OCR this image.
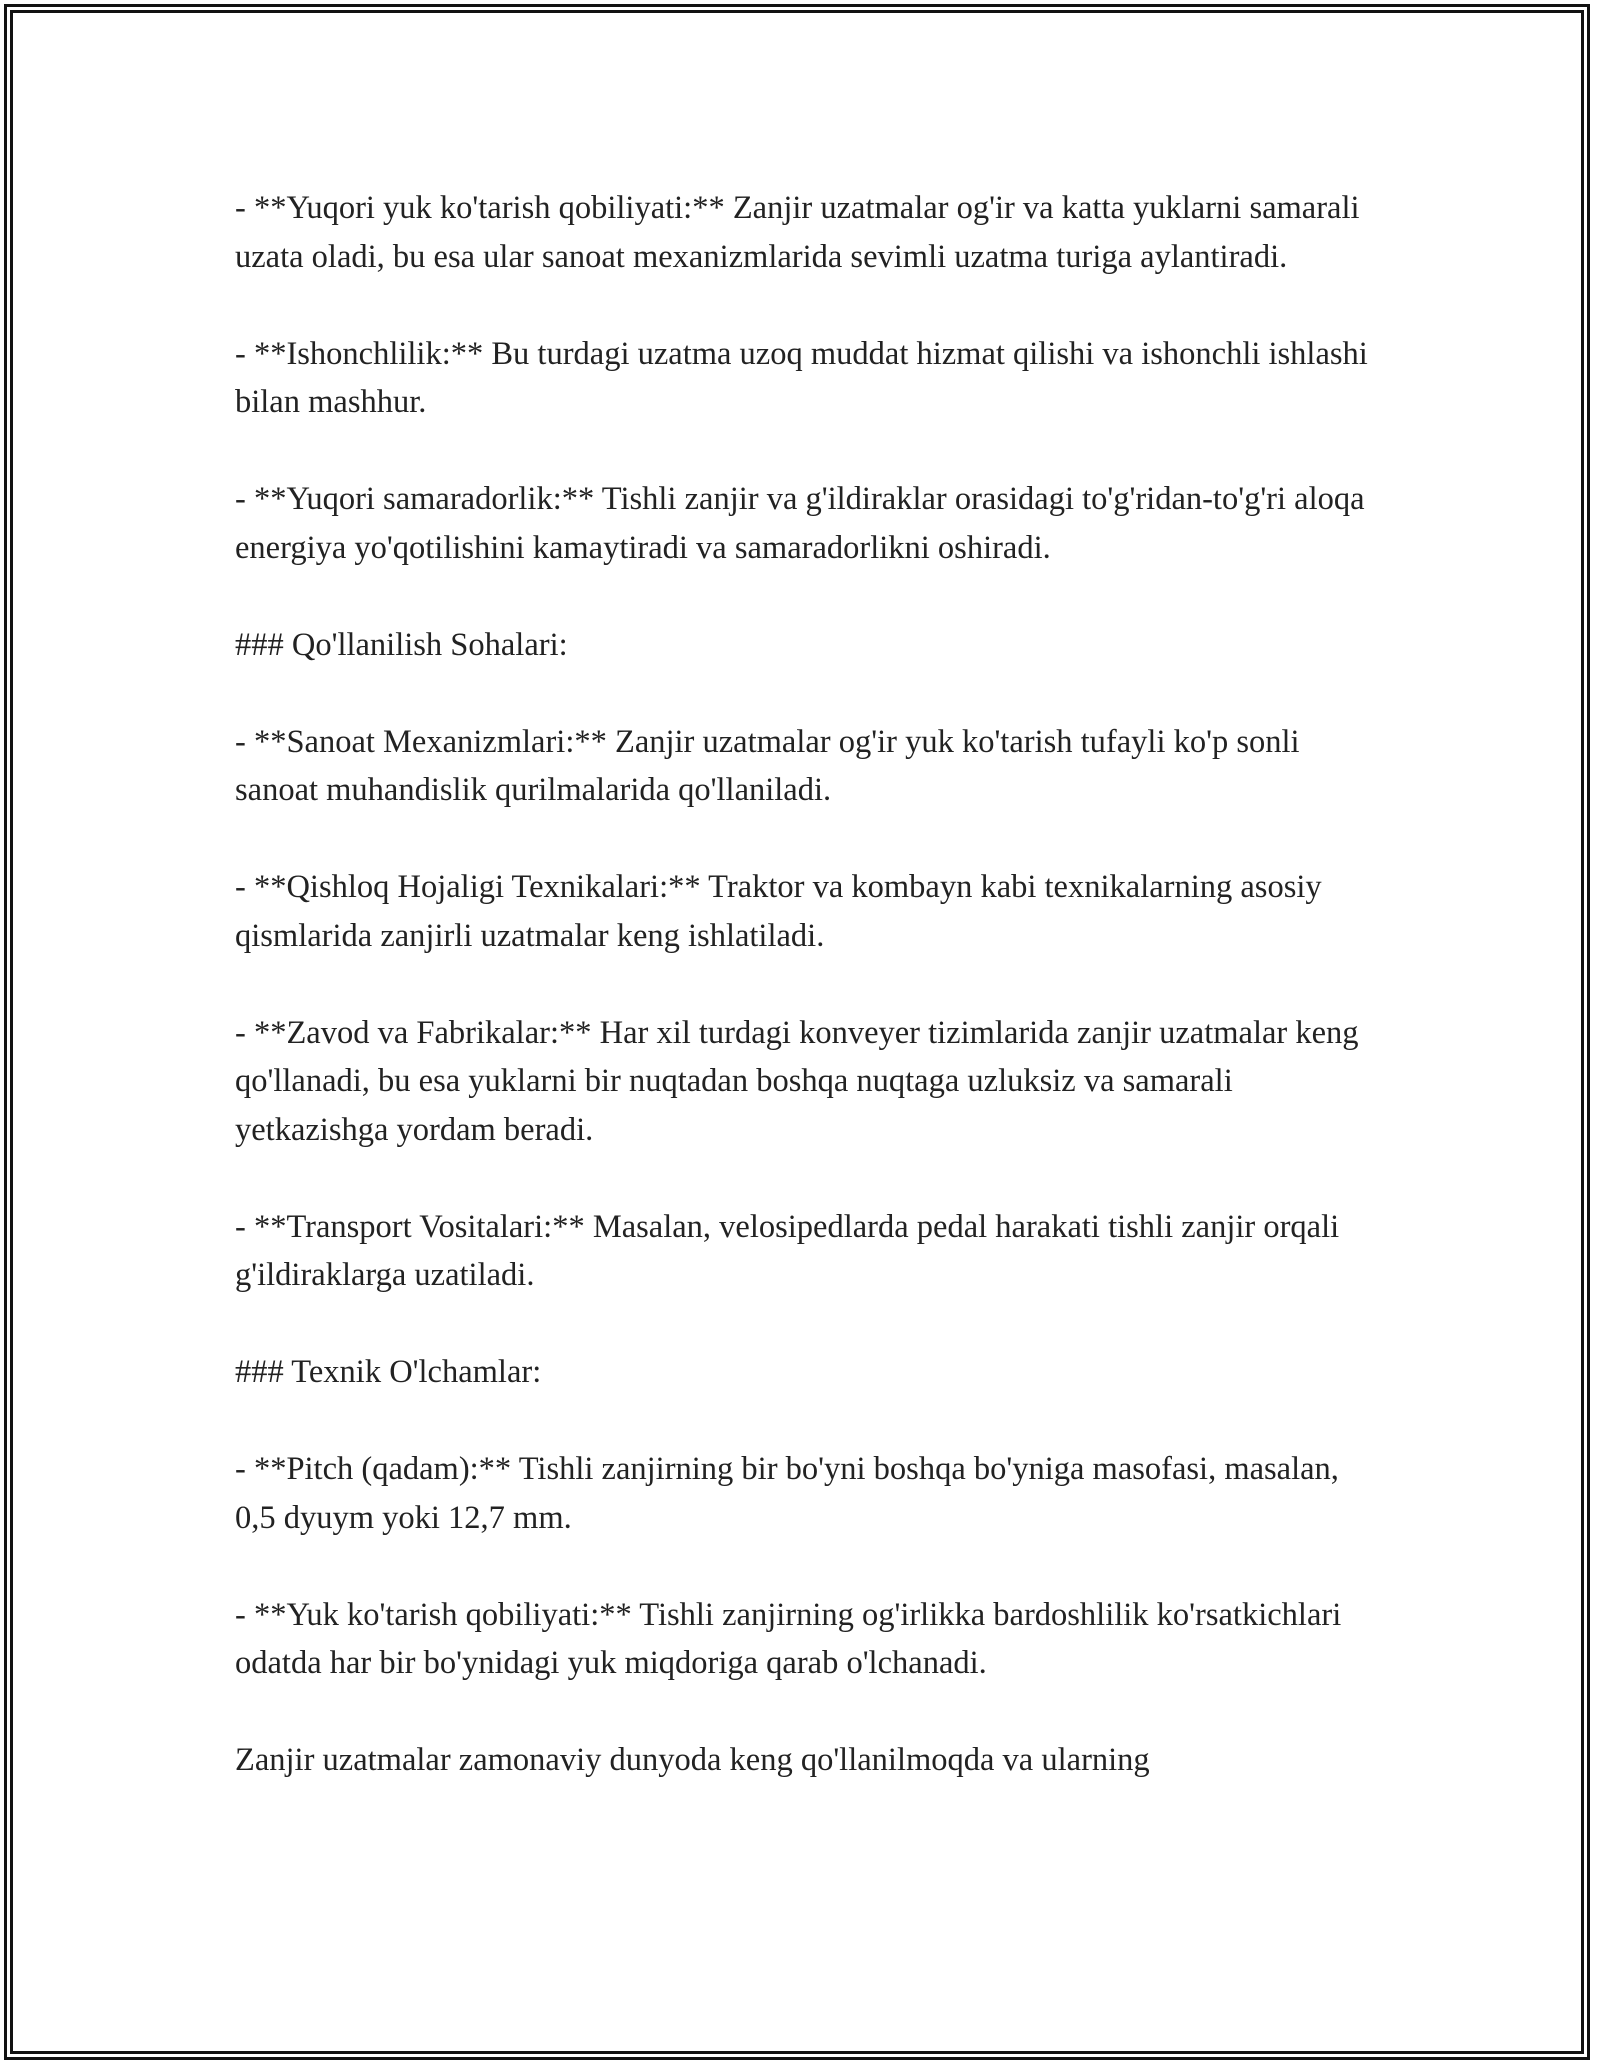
- **Yuqori yuk ko'tarish qobiliyati:** Zanjir uzatmalar og'ir va katta yuklarni samarali uzata oladi, bu esa ular sanoat mexanizmlarida sevimli uzatma turiga aylantiradi.

- **Ishonchlilik:** Bu turdagi uzatma uzoq muddat hizmat qilishi va ishonchli ishlashi bilan mashhur.

- **Yuqori samaradorlik:** Tishli zanjir va g'ildiraklar orasidagi to'g'ridan-to'g'ri aloqa energiya yo'qotilishini kamaytiradi va samaradorlikni oshiradi.

### Qo'llanilish Sohalari:

- **Sanoat Mexanizmlari:** Zanjir uzatmalar og'ir yuk ko'tarish tufayli ko'p sonli sanoat muhandislik qurilmalarida qo'llaniladi.

- **Qishloq Hojaligi Texnikalari:** Traktor va kombayn kabi texnikalarning asosiy qismlarida zanjirli uzatmalar keng ishlatiladi.

- **Zavod va Fabrikalar:** Har xil turdagi konveyer tizimlarida zanjir uzatmalar keng qo'llanadi, bu esa yuklarni bir nuqtadan boshqa nuqtaga uzluksiz va samarali yetkazishga yordam beradi.

- **Transport Vositalari:** Masalan, velosipedlarda pedal harakati tishli zanjir orqali g'ildiraklarga uzatiladi.

### Texnik O'lchamlar:

- **Pitch (qadam):** Tishli zanjirning bir bo'yni boshqa bo'yniga masofasi, masalan, 0,5 dyuym yoki 12,7 mm.

- **Yuk ko'tarish qobiliyati:** Tishli zanjirning og'irlikka bardoshlilik ko'rsatkichlari odatda har bir bo'ynidagi yuk miqdoriga qarab o'lchanadi.

Zanjir uzatmalar zamonaviy dunyoda keng qo'llanilmoqda va ularning
